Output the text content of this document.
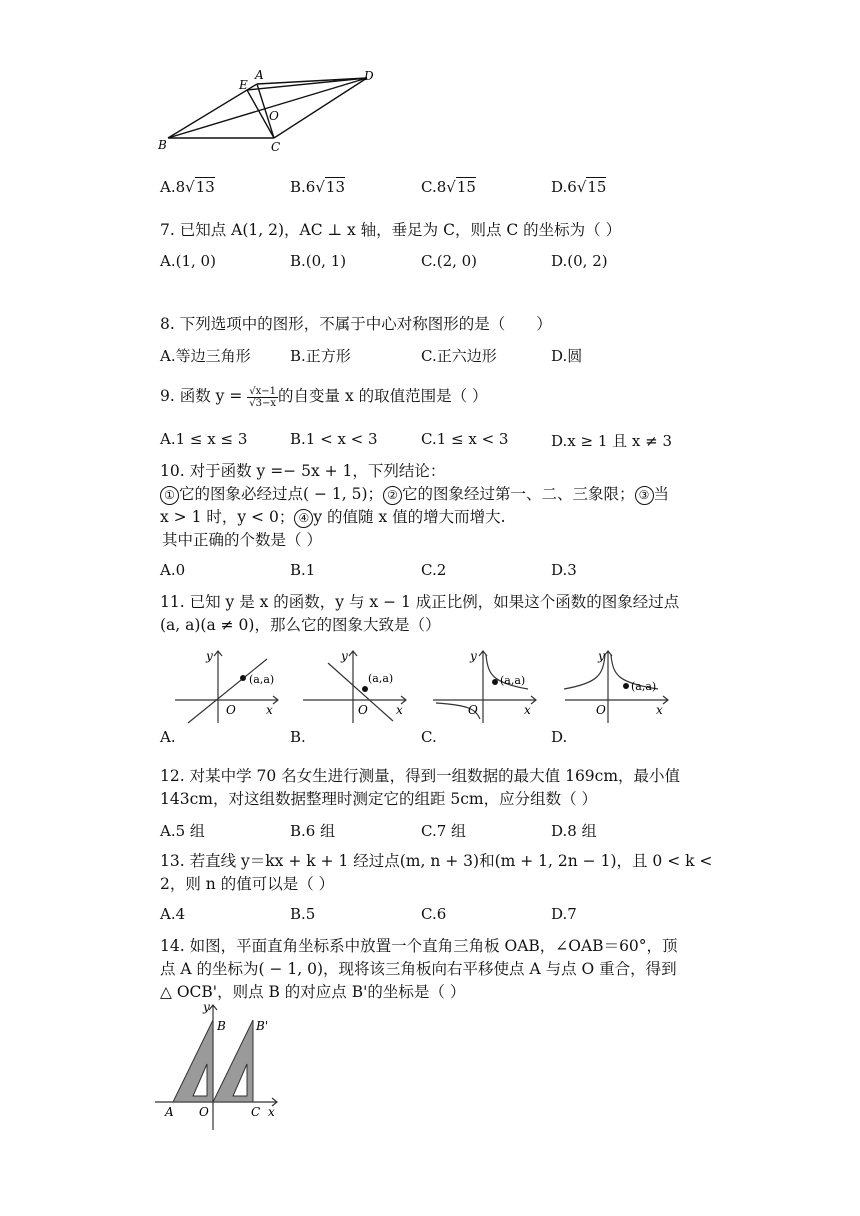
E
A	D
O
B	C
A.8√13	B.6√13	C.8√15	D.6√15
7. 已知点 A(1, 2)，AC ⊥ x 轴，垂足为 C，则点 C 的坐标为（ ）
A.(1, 0)	B.(0, 1)	C.(2, 0)	D.(0, 2)
8. 下列选项中的图形，不属于中心对称图形的是（　　）
A.等边三角形	B.正方形	C.正六边形	D.圆
9. 函数 $y = \frac{√x-1}{√3-x}$ 的自变量 x 的取值范围是（ ）
A.1 ≤ x ≤ 3	B.1 < x < 3	C.1 ≤ x < 3	D.x ≥ 1 且 x ≠ 3
10. 对于函数 y =− 5x + 1，下列结论：
① 它的图象必经过点( − 1, 5)； ② 它的图象经过第一、二、三象限； ③ 当
x > 1 时，y < 0； ④ y 的值随 x 值的增大而增大.
其中正确的个数是（ ）
A.0	B.1	C.2	D.3
11. 已知 y 是 x 的函数，y 与 x − 1 成正比例，如果这个函数的图象经过点
(a, a)(a ≠ 0)，那么它的图象大致是（）
y
x
O
(a,a)
y
x
O
(a,a)
y
x
O
(a,a)
y
x
O
(a,a)
A.	B.	C.	D.
12. 对某中学 70 名女生进行测量，得到一组数据的最大值 169cm，最小值
143cm，对这组数据整理时测定它的组距 5cm，应分组数（ ）
A.5 组	B.6 组	C.7 组	D.8 组
13. 若直线 y＝kx + k + 1 经过点(m, n + 3)和(m + 1, 2n − 1)，且 0 < k <
2，则 n 的值可以是（ ）
A.4	B.5	C.6	D.7
14. 如图，平面直角坐标系中放置一个直角三角板 OAB，∠OAB＝60°，顶
点 A 的坐标为( − 1, 0)，现将该三角板向右平移使点 A 与点 O 重合，得到
△ OCB'，则点 B 的对应点 B'的坐标是（ ）
y
B	B'
A O	C x
